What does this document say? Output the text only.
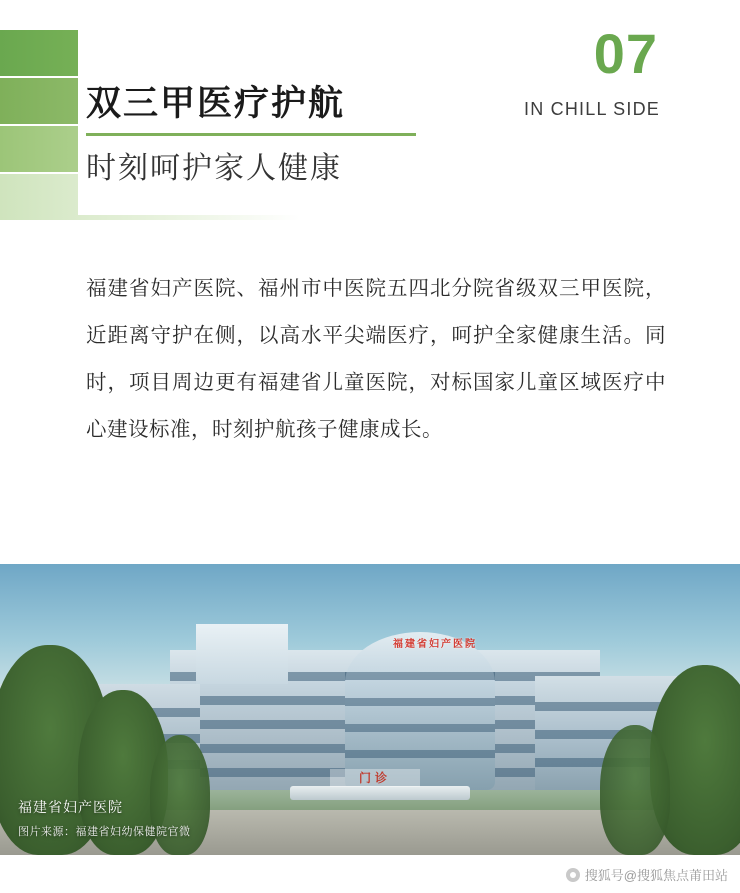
双三甲医疗护航
时刻呵护家人健康
07
IN CHILL SIDE
福建省妇产医院、福州市中医院五四北分院省级双三甲医院，近距离守护在侧，以高水平尖端医疗，呵护全家健康生活。同时，项目周边更有福建省儿童医院，对标国家儿童区域医疗中心建设标准，时刻护航孩子健康成长。
福建省妇产医院
门诊
福建省妇产医院
图片来源：福建省妇幼保健院官微
搜狐号@搜狐焦点莆田站
